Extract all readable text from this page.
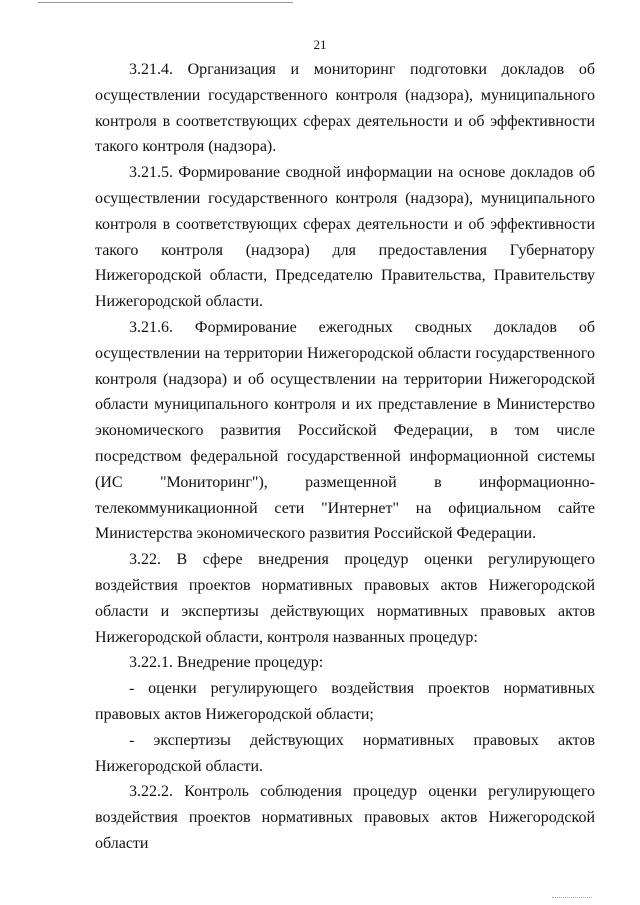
21

3.21.4. Организация и мониторинг подготовки докладов об осуществлении государственного контроля (надзора), муниципального контроля в соответствующих сферах деятельности и об эффективности такого контроля (надзора).

3.21.5. Формирование сводной информации на основе докладов об осуществлении государственного контроля (надзора), муниципального контроля в соответствующих сферах деятельности и об эффективности такого контроля (надзора) для предоставления Губернатору Нижегородской области, Председателю Правительства, Правительству Нижегородской области.

3.21.6. Формирование ежегодных сводных докладов об осуществлении на территории Нижегородской области государственного контроля (надзора) и об осуществлении на территории Нижегородской области муниципального контроля и их представление в Министерство экономического развития Российской Федерации, в том числе посредством федеральной государственной информационной системы (ИС "Мониторинг"), размещенной в информационно-телекоммуникационной сети "Интернет" на официальном сайте Министерства экономического развития Российской Федерации.

3.22. В сфере внедрения процедур оценки регулирующего воздействия проектов нормативных правовых актов Нижегородской области и экспертизы действующих нормативных правовых актов Нижегородской области, контроля названных процедур:

3.22.1. Внедрение процедур:

- оценки регулирующего воздействия проектов нормативных правовых актов Нижегородской области;

- экспертизы действующих нормативных правовых актов Нижегородской области.

3.22.2. Контроль соблюдения процедур оценки регулирующего воздействия проектов нормативных правовых актов Нижегородской области
